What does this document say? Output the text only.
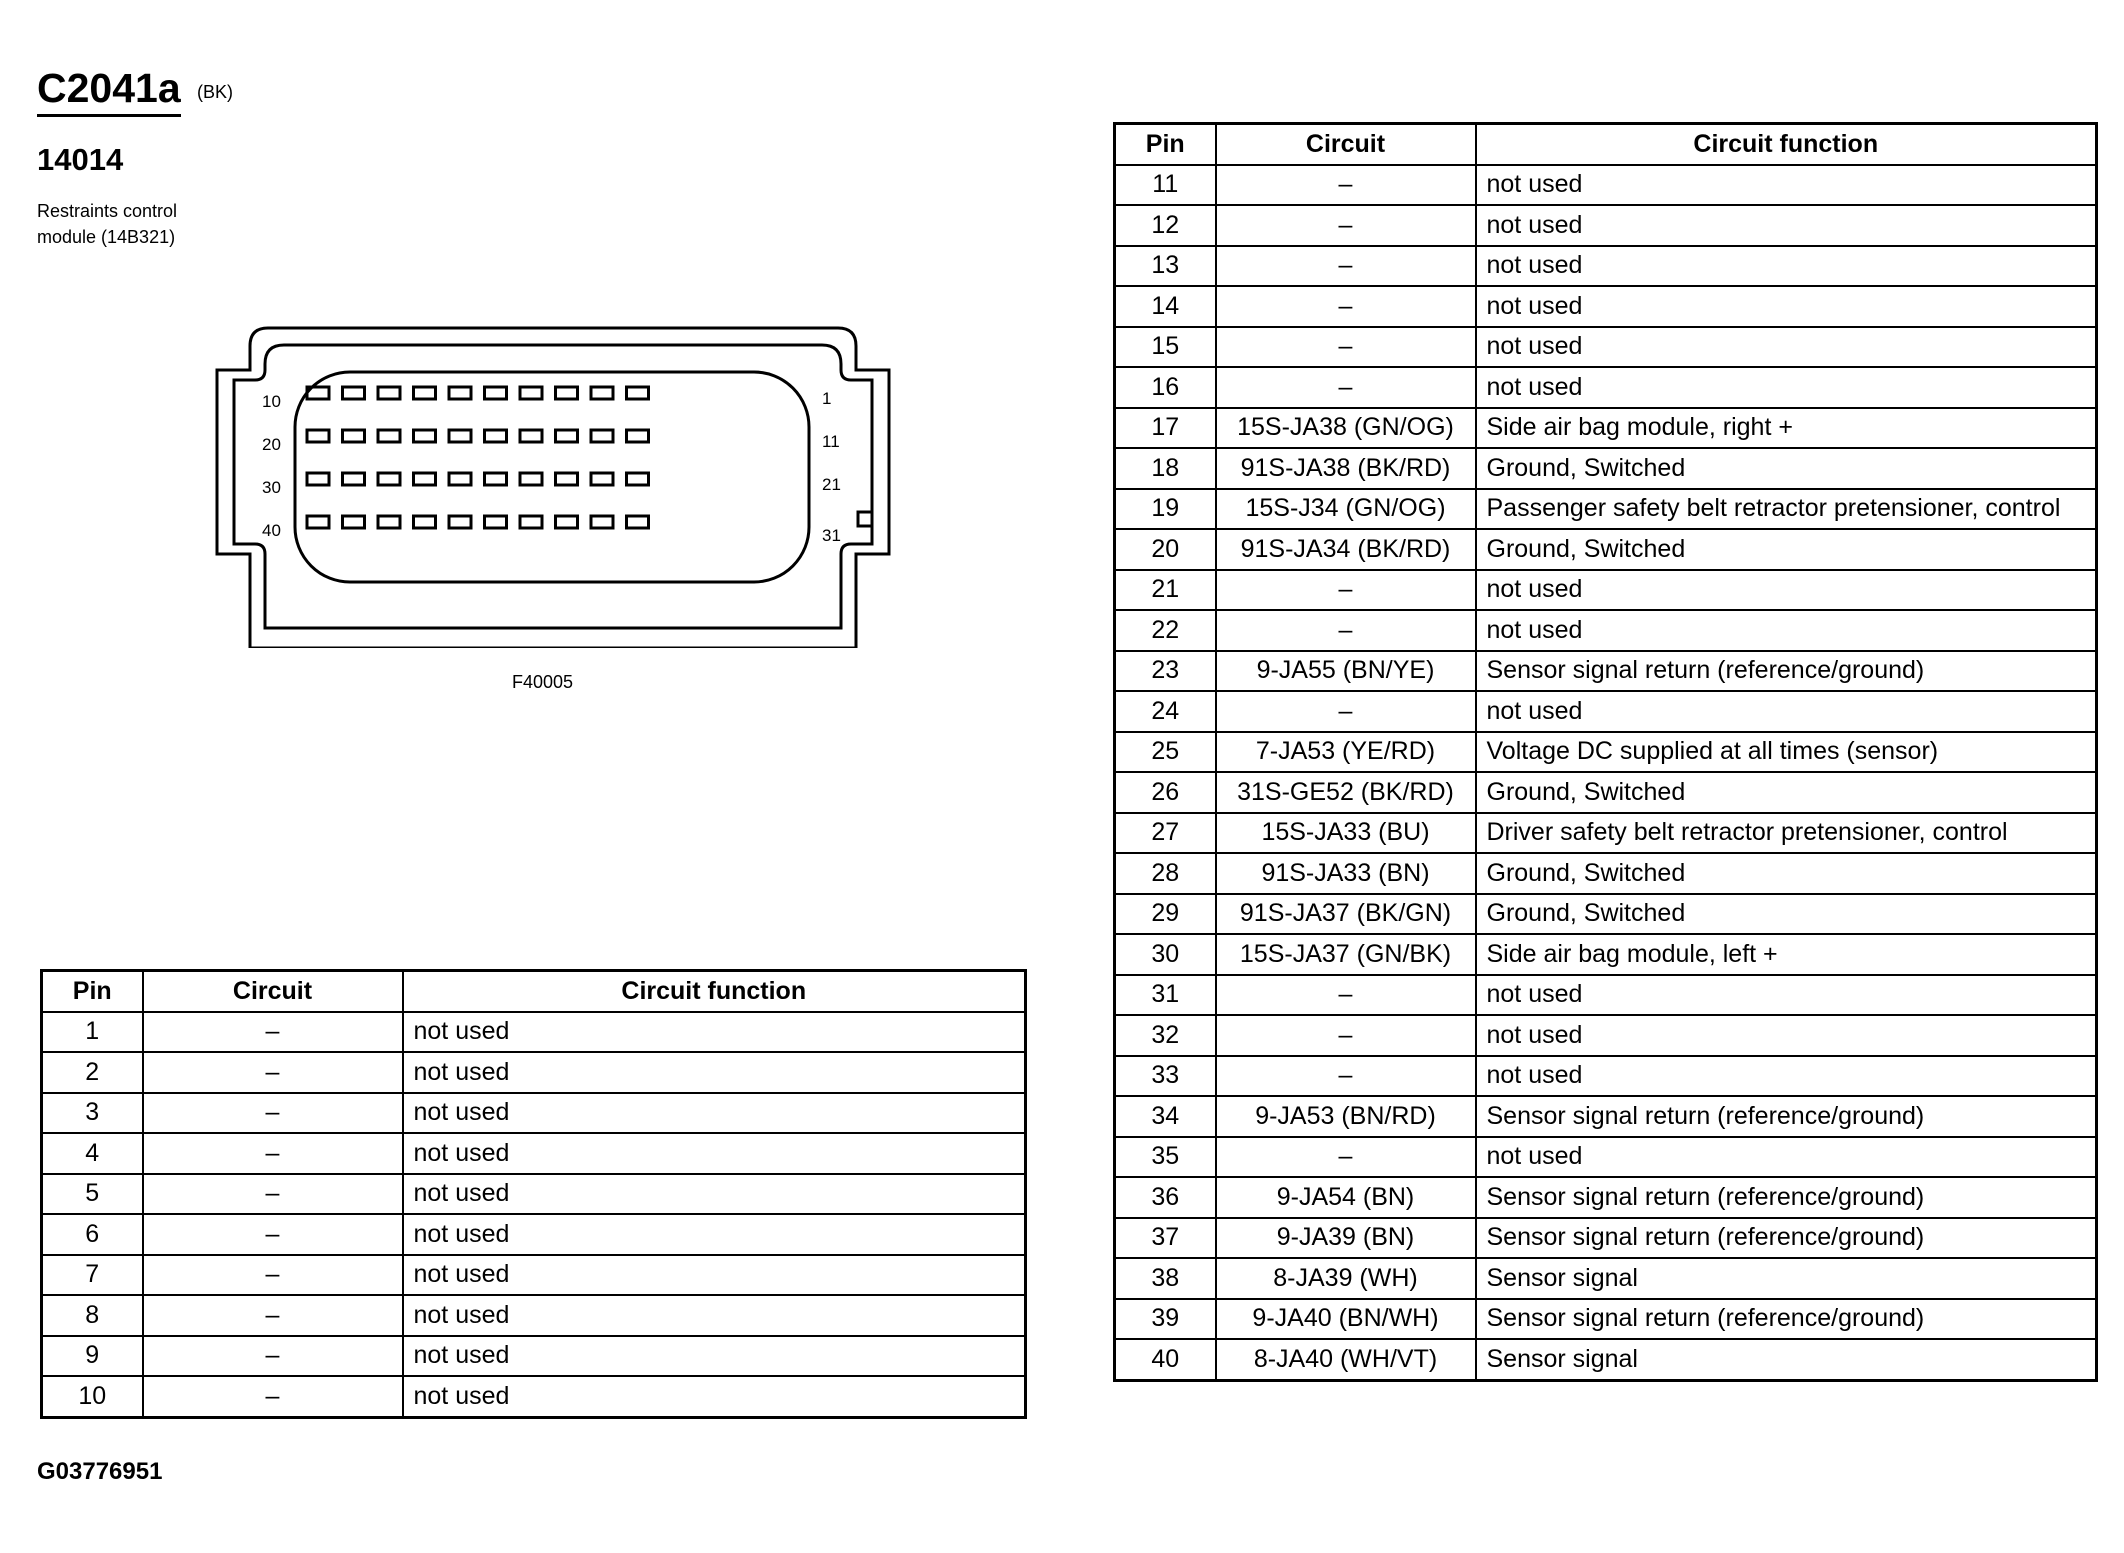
C2041a (BK)
14014
Restraints control
module (14B321)
10
20
30
40
1
11
21
31
F40005
Pin	Circuit	Circuit function
1	–	not used
2	–	not used
3	–	not used
4	–	not used
5	–	not used
6	–	not used
7	–	not used
8	–	not used
9	–	not used
10	–	not used
Pin	Circuit	Circuit function
11	–	not used
12	–	not used
13	–	not used
14	–	not used
15	–	not used
16	–	not used
17	15S-JA38 (GN/OG)	Side air bag module, right +
18	91S-JA38 (BK/RD)	Ground, Switched
19	15S-J34 (GN/OG)	Passenger safety belt retractor pretensioner, control
20	91S-JA34 (BK/RD)	Ground, Switched
21	–	not used
22	–	not used
23	9-JA55 (BN/YE)	Sensor signal return (reference/ground)
24	–	not used
25	7-JA53 (YE/RD)	Voltage DC supplied at all times (sensor)
26	31S-GE52 (BK/RD)	Ground, Switched
27	15S-JA33 (BU)	Driver safety belt retractor pretensioner, control
28	91S-JA33 (BN)	Ground, Switched
29	91S-JA37 (BK/GN)	Ground, Switched
30	15S-JA37 (GN/BK)	Side air bag module, left +
31	–	not used
32	–	not used
33	–	not used
34	9-JA53 (BN/RD)	Sensor signal return (reference/ground)
35	–	not used
36	9-JA54 (BN)	Sensor signal return (reference/ground)
37	9-JA39 (BN)	Sensor signal return (reference/ground)
38	8-JA39 (WH)	Sensor signal
39	9-JA40 (BN/WH)	Sensor signal return (reference/ground)
40	8-JA40 (WH/VT)	Sensor signal
G03776951
